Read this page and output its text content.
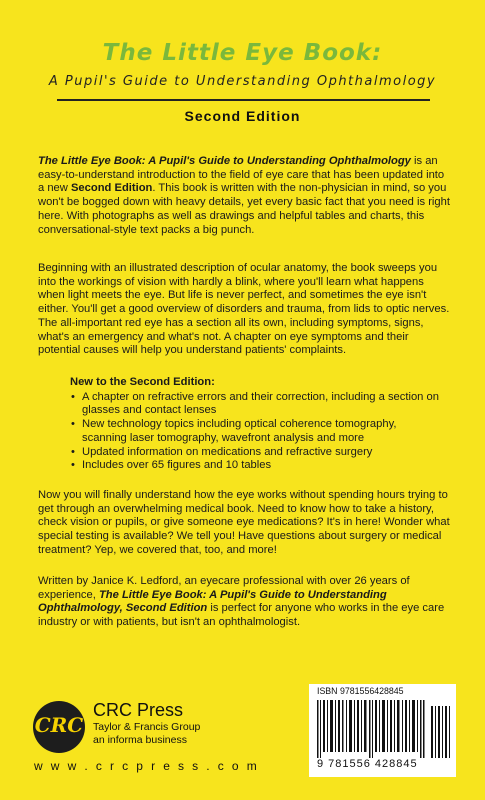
The Little Eye Book:
A Pupil's Guide to Understanding Ophthalmology
Second Edition
The Little Eye Book: A Pupil's Guide to Understanding Ophthalmology is an easy-to-understand introduction to the field of eye care that has been updated into a new Second Edition. This book is written with the non-physician in mind, so you won't be bogged down with heavy details, yet every basic fact that you need is right here. With photographs as well as drawings and helpful tables and charts, this conversational-style text packs a big punch.
Beginning with an illustrated description of ocular anatomy, the book sweeps you into the workings of vision with hardly a blink, where you'll learn what happens when light meets the eye. But life is never perfect, and sometimes the eye isn't either. You'll get a good overview of disorders and trauma, from lids to optic nerves. The all-important red eye has a section all its own, including symptoms, signs, what's an emergency and what's not. A chapter on eye symptoms and their potential causes will help you understand patients' complaints.
New to the Second Edition:
• A chapter on refractive errors and their correction, including a section on glasses and contact lenses
• New technology topics including optical coherence tomography, scanning laser tomography, wavefront analysis and more
• Updated information on medications and refractive surgery
• Includes over 65 figures and 10 tables
Now you will finally understand how the eye works without spending hours trying to get through an overwhelming medical book. Need to know how to take a history, check vision or pupils, or give someone eye medications? It's in here! Wonder what special testing is available? We tell you! Have questions about surgery or medical treatment? Yep, we covered that, too, and more!
Written by Janice K. Ledford, an eyecare professional with over 26 years of experience, The Little Eye Book: A Pupil's Guide to Understanding Ophthalmology, Second Edition is perfect for anyone who works in the eye care industry or with patients, but isn't an ophthalmologist.
CRC
CRC Press
Taylor & Francis Group
an informa business
w w w . c r c p r e s s . c o m
ISBN 9781556428845
9 781556 428845
